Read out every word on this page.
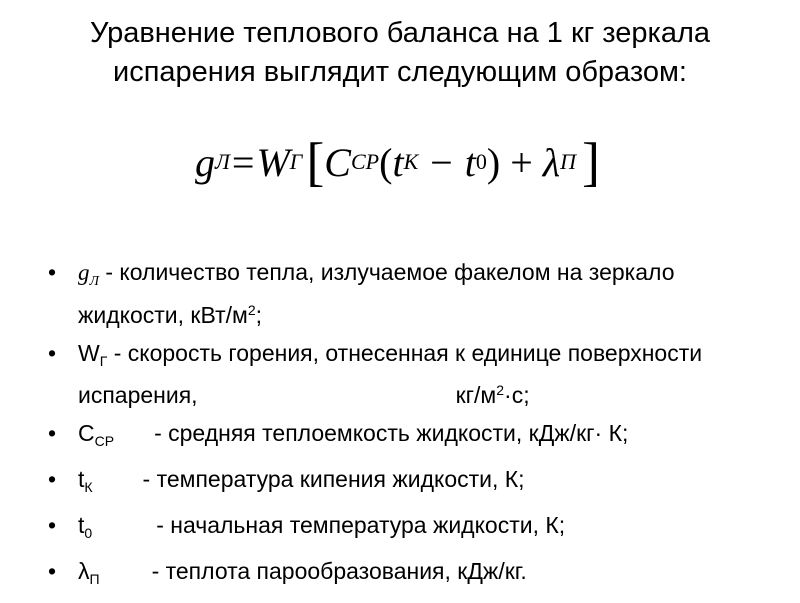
Уравнение теплового баланса на 1 кг зеркала испарения выглядит следующим образом:
g Л = W Г [ C СР ( t К − t 0 ) + λ П ]
• $g_Л$ - количество тепла, излучаемое факелом на зеркало жидкости, кВт/$м^2$;
• $W_Г$ - скорость горения, отнесенная к единице поверхности испарения,	$кг/м^2\cdot с$;
• $C_{СР}$ - средняя теплоемкость жидкости, кДж/кг· К;
• $t_К$ - температура кипения жидкости, К;
• $t_0$	- начальная температура жидкости, К;
• $\lambda_П$ - теплота парообразования, кДж/кг.
